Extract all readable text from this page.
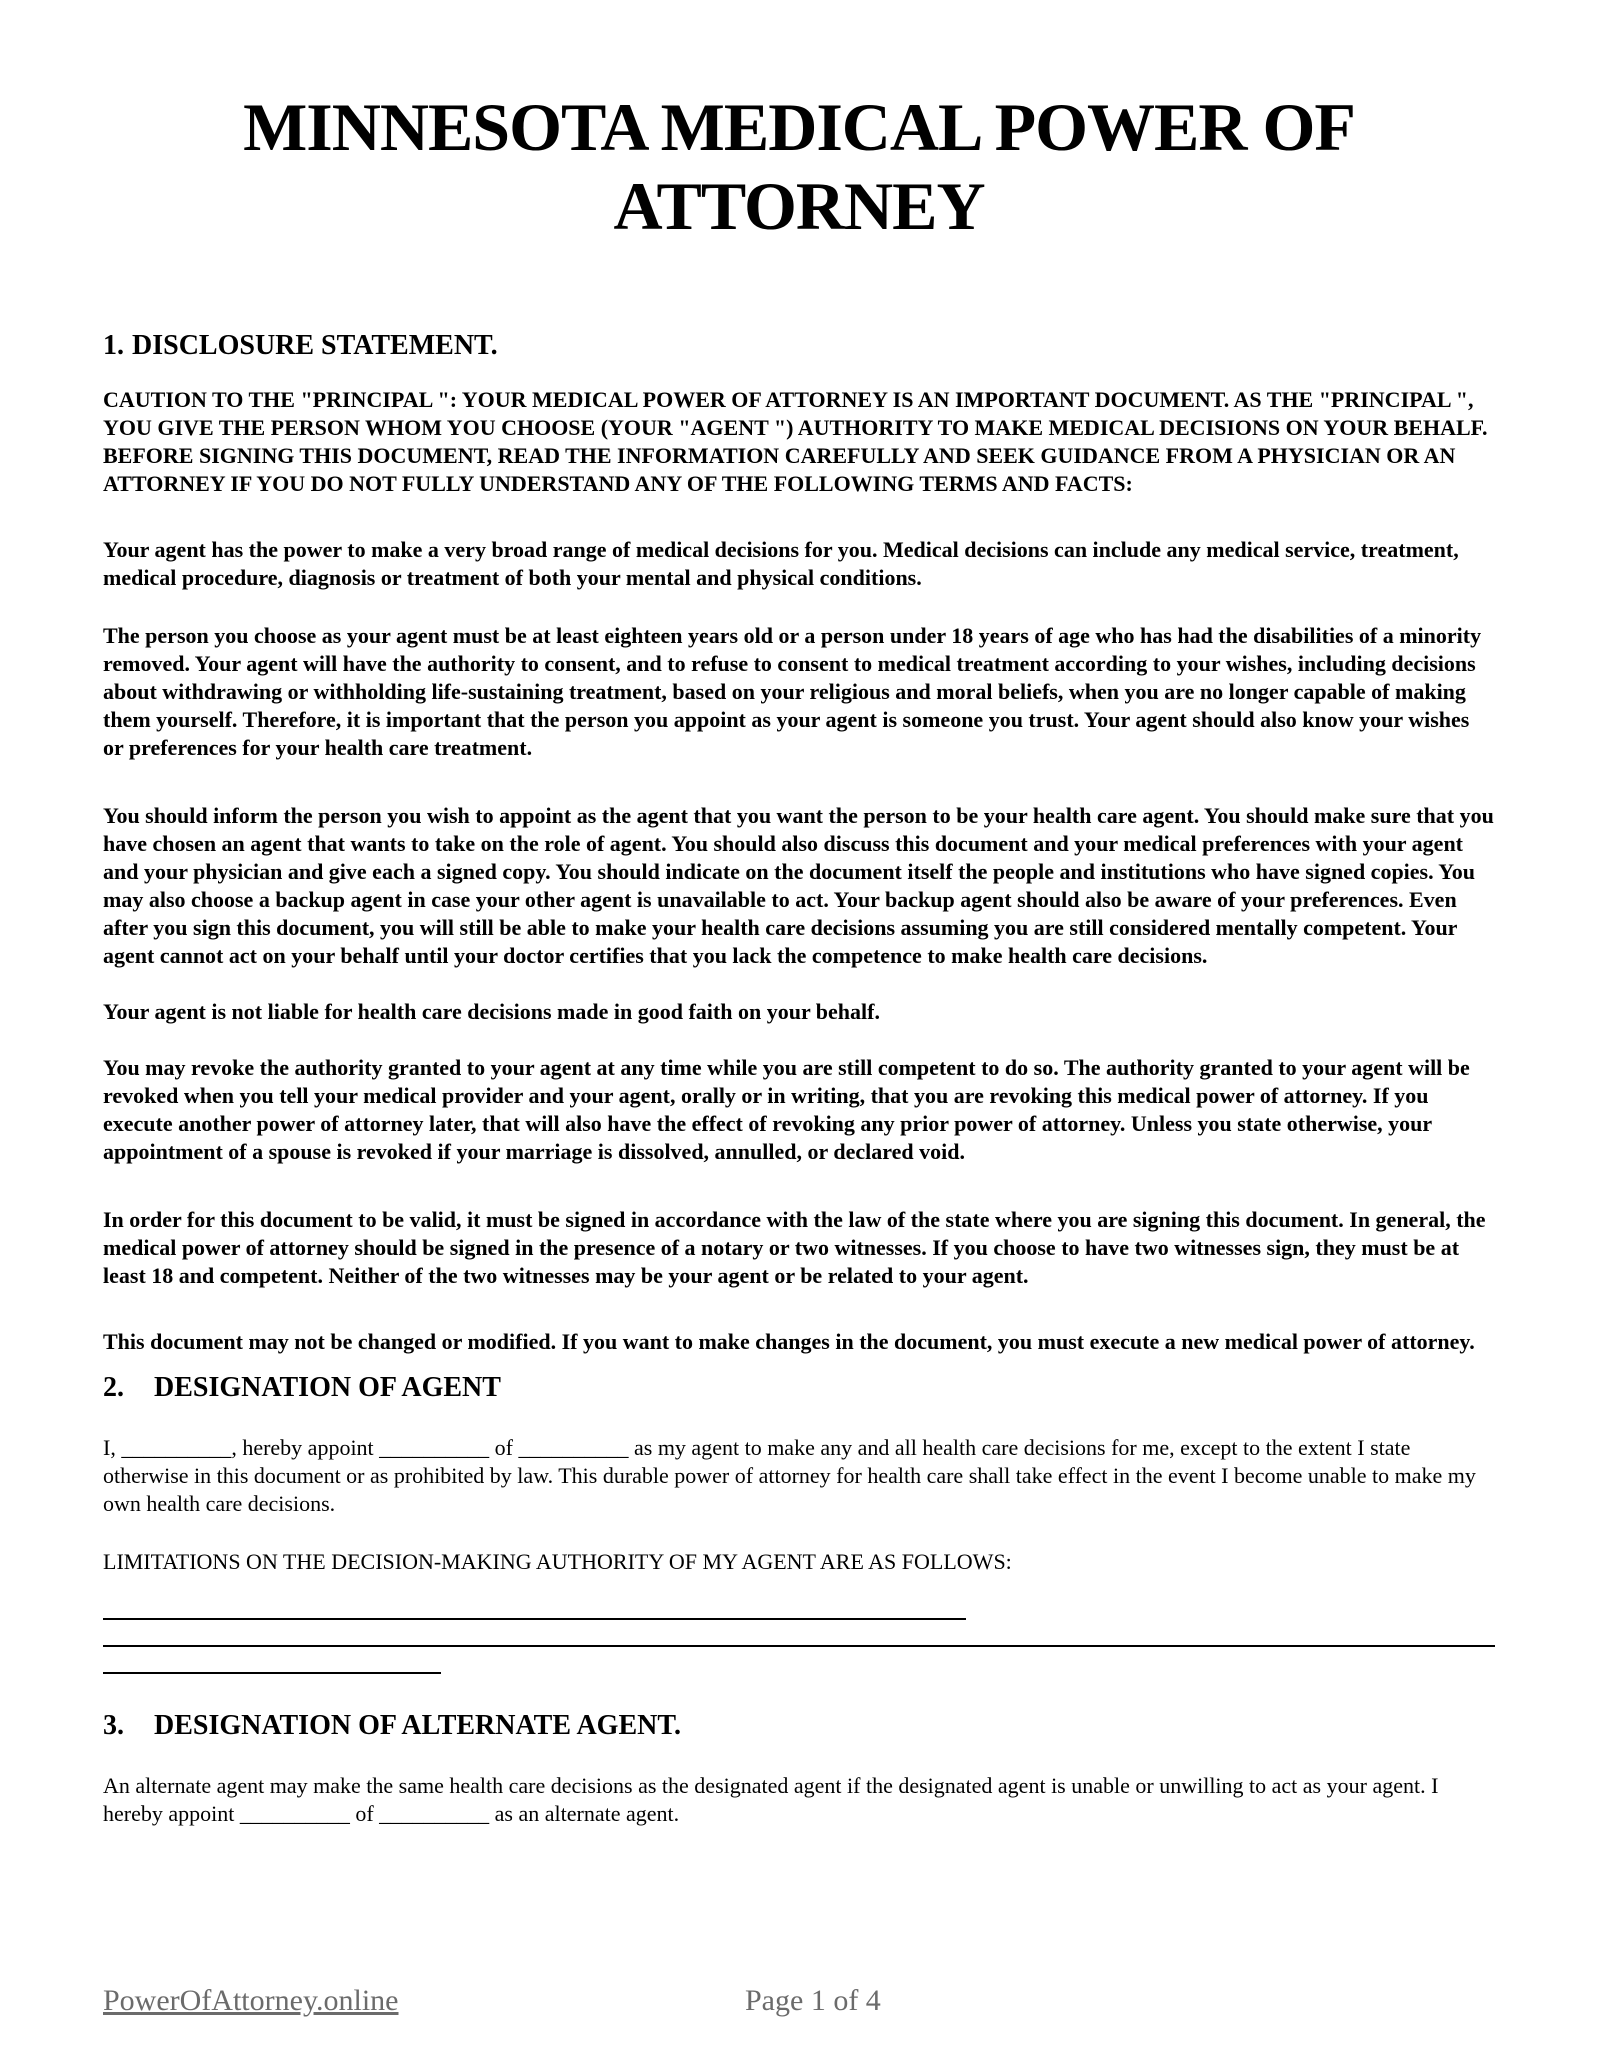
MINNESOTA MEDICAL POWER OF ATTORNEY
1. DISCLOSURE STATEMENT.

CAUTION TO THE "PRINCIPAL ": YOUR MEDICAL POWER OF ATTORNEY IS AN IMPORTANT DOCUMENT. AS THE "PRINCIPAL ", YOU GIVE THE PERSON WHOM YOU CHOOSE (YOUR "AGENT ") AUTHORITY TO MAKE MEDICAL DECISIONS ON YOUR BEHALF. BEFORE SIGNING THIS DOCUMENT, READ THE INFORMATION CAREFULLY AND SEEK GUIDANCE FROM A PHYSICIAN OR AN ATTORNEY IF YOU DO NOT FULLY UNDERSTAND ANY OF THE FOLLOWING TERMS AND FACTS:

Your agent has the power to make a very broad range of medical decisions for you. Medical decisions can include any medical service, treatment, medical procedure, diagnosis or treatment of both your mental and physical conditions.

The person you choose as your agent must be at least eighteen years old or a person under 18 years of age who has had the disabilities of a minority removed. Your agent will have the authority to consent, and to refuse to consent to medical treatment according to your wishes, including decisions about withdrawing or withholding life-sustaining treatment, based on your religious and moral beliefs, when you are no longer capable of making them yourself. Therefore, it is important that the person you appoint as your agent is someone you trust. Your agent should also know your wishes or preferences for your health care treatment.

You should inform the person you wish to appoint as the agent that you want the person to be your health care agent. You should make sure that you have chosen an agent that wants to take on the role of agent. You should also discuss this document and your medical preferences with your agent and your physician and give each a signed copy. You should indicate on the document itself the people and institutions who have signed copies. You may also choose a backup agent in case your other agent is unavailable to act. Your backup agent should also be aware of your preferences. Even after you sign this document, you will still be able to make your health care decisions assuming you are still considered mentally competent. Your agent cannot act on your behalf until your doctor certifies that you lack the competence to make health care decisions.

Your agent is not liable for health care decisions made in good faith on your behalf.

You may revoke the authority granted to your agent at any time while you are still competent to do so. The authority granted to your agent will be revoked when you tell your medical provider and your agent, orally or in writing, that you are revoking this medical power of attorney. If you execute another power of attorney later, that will also have the effect of revoking any prior power of attorney. Unless you state otherwise, your appointment of a spouse is revoked if your marriage is dissolved, annulled, or declared void.

In order for this document to be valid, it must be signed in accordance with the law of the state where you are signing this document. In general, the medical power of attorney should be signed in the presence of a notary or two witnesses. If you choose to have two witnesses sign, they must be at least 18 and competent. Neither of the two witnesses may be your agent or be related to your agent.

This document may not be changed or modified. If you want to make changes in the document, you must execute a new medical power of attorney.

2. DESIGNATION OF AGENT

I, __________, hereby appoint __________ of __________ as my agent to make any and all health care decisions for me, except to the extent I state otherwise in this document or as prohibited by law. This durable power of attorney for health care shall take effect in the event I become unable to make my own health care decisions.

LIMITATIONS ON THE DECISION-MAKING AUTHORITY OF MY AGENT ARE AS FOLLOWS:

3. DESIGNATION OF ALTERNATE AGENT.

An alternate agent may make the same health care decisions as the designated agent if the designated agent is unable or unwilling to act as your agent. I hereby appoint __________ of __________ as an alternate agent.

PowerOfAttorney.online	Page 1 of 4
